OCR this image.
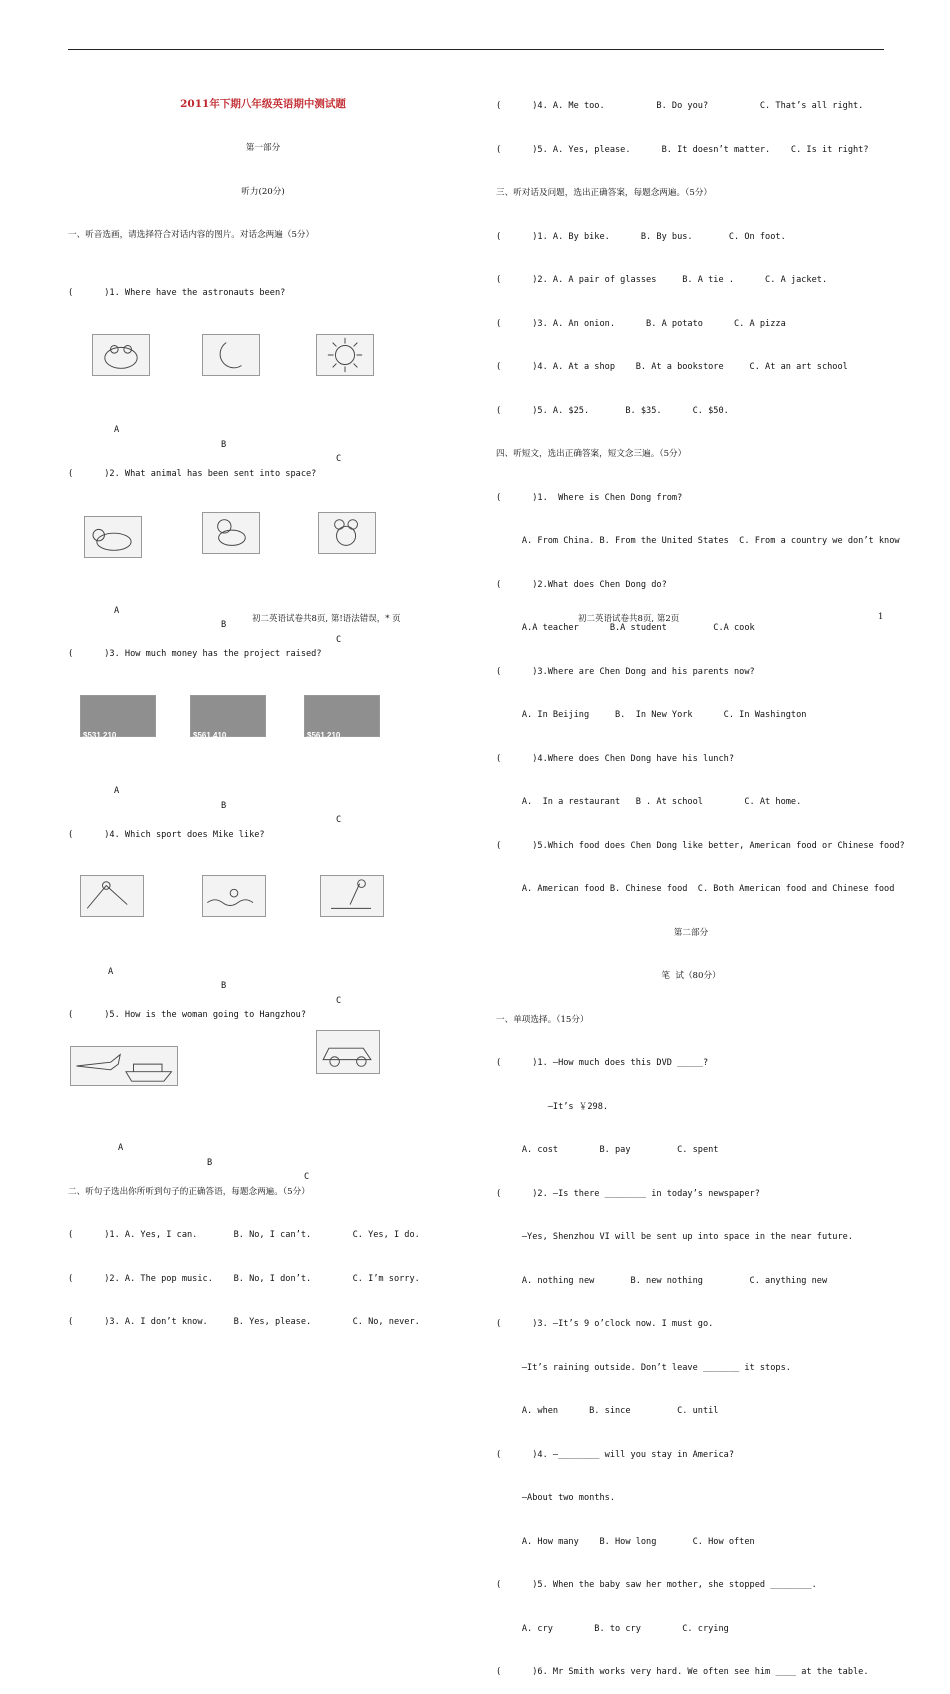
2011年下期八年级英语期中测试题

第一部分

听力(20分)

一、听音选画，请选择符合对话内容的图片。对话念两遍（5分）

(      )1. Where have the astronauts been?

A

B

C

(      )2. What animal has been sent into space?

A

B

C

(      )3. How much money has the project raised?

$531,210

	$561,410

	$561,210

A

B

C

(      )4. Which sport does Mike like?

A

B

C

(      )5. How is the woman going to Hangzhou?

A

B

C

二、听句子选出你所听到句子的正确答语，每题念两遍。（5分）

(      )1. A. Yes, I can.       B. No, I can’t.        C. Yes, I do.

(      )2. A. The pop music.    B. No, I don’t.        C. I’m sorry.

(      )3. A. I don’t know.     B. Yes, please.        C. No, never.

(      )4. A. Me too.          B. Do you?          C. That’s all right.

(      )5. A. Yes, please.      B. It doesn’t matter.    C. Is it right?

三、听对话及问题，选出正确答案，每题念两遍。（5分）

(      )1. A. By bike.      B. By bus.       C. On foot.

(      )2. A. A pair of glasses     B. A tie .      C. A jacket.

(      )3. A. An onion.      B. A potato      C. A pizza

(      )4. A. At a shop    B. At a bookstore     C. At an art school

(      )5. A. $25.       B. $35.      C. $50.

四、听短文，选出正确答案，短文念三遍。（5分）

(      )1.  Where is Chen Dong from?

A. From China. B. From the United States  C. From a country we don’t know

(      )2.What does Chen Dong do?

A.A teacher      B.A student         C.A cook

(      )3.Where are Chen Dong and his parents now?

A. In Beijing     B.  In New York      C. In Washington

(      )4.Where does Chen Dong have his lunch?

A.  In a restaurant   B . At school        C. At home.

(      )5.Which food does Chen Dong like better, American food or Chinese food?

A. American food B. Chinese food  C. Both American food and Chinese food

第二部分

笔  试（80分）

一、单项选择。（15分）

(      )1. —How much does this DVD _____?

—It’s ￥298.

A. cost        B. pay         C. spent

(      )2. –Is there ________ in today’s newspaper?

—Yes, Shenzhou VI will be sent up into space in the near future.

A. nothing new       B. new nothing         C. anything new

(      )3. –It’s 9 o’clock now. I must go.

—It’s raining outside. Don’t leave _______ it stops.

A. when      B. since         C. until

(      )4. —________ will you stay in America?

—About two months.

A. How many    B. How long       C. How often

(      )5. When the baby saw her mother, she stopped ________.

A. cry        B. to cry        C. crying

(      )6. Mr Smith works very hard. We often see him ____ at the table.

初二英语试卷共8页, 第!语法错误，* 页	初二英语试卷共8页, 第2页	1
